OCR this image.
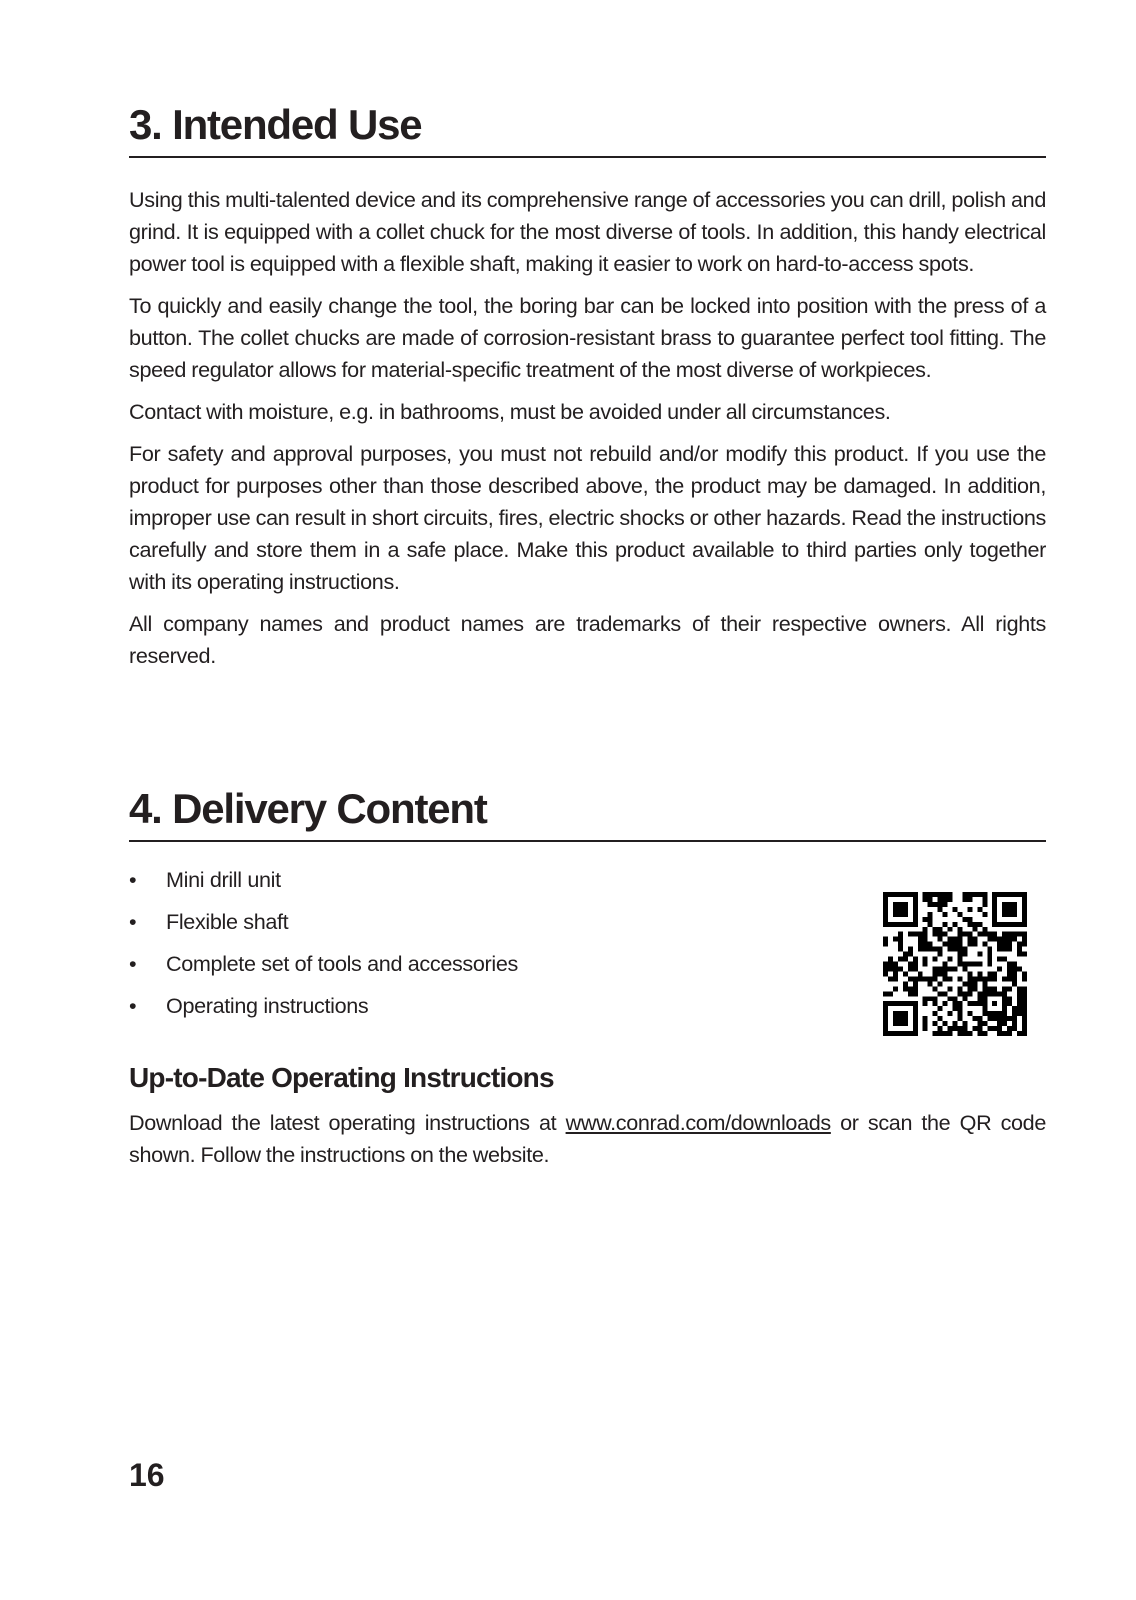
3. Intended Use

Using this multi-talented device and its comprehensive range of accessories you can drill, polish and grind. It is equipped with a collet chuck for the most diverse of tools. In addition, this handy electrical power tool is equipped with a flexible shaft, making it easier to work on hard-to-access spots.

To quickly and easily change the tool, the boring bar can be locked into position with the press of a button. The collet chucks are made of corrosion-resistant brass to guarantee perfect tool fitting. The speed regulator allows for material-specific treatment of the most diverse of workpieces.

Contact with moisture, e.g. in bathrooms, must be avoided under all circumstances.

For safety and approval purposes, you must not rebuild and/or modify this product. If you use the product for purposes other than those described above, the product may be damaged. In addition, improper use can result in short circuits, fires, electric shocks or other hazards. Read the instructions carefully and store them in a safe place. Make this product available to third parties only together with its operating instructions.

All company names and product names are trademarks of their respective owners. All rights reserved.

4. Delivery Content
• Mini drill unit
• Flexible shaft
• Complete set of tools and accessories
• Operating instructions
Up-to-Date Operating Instructions

Download the latest operating instructions at www.conrad.com/downloads or scan the QR code shown. Follow the instructions on the website.

16
